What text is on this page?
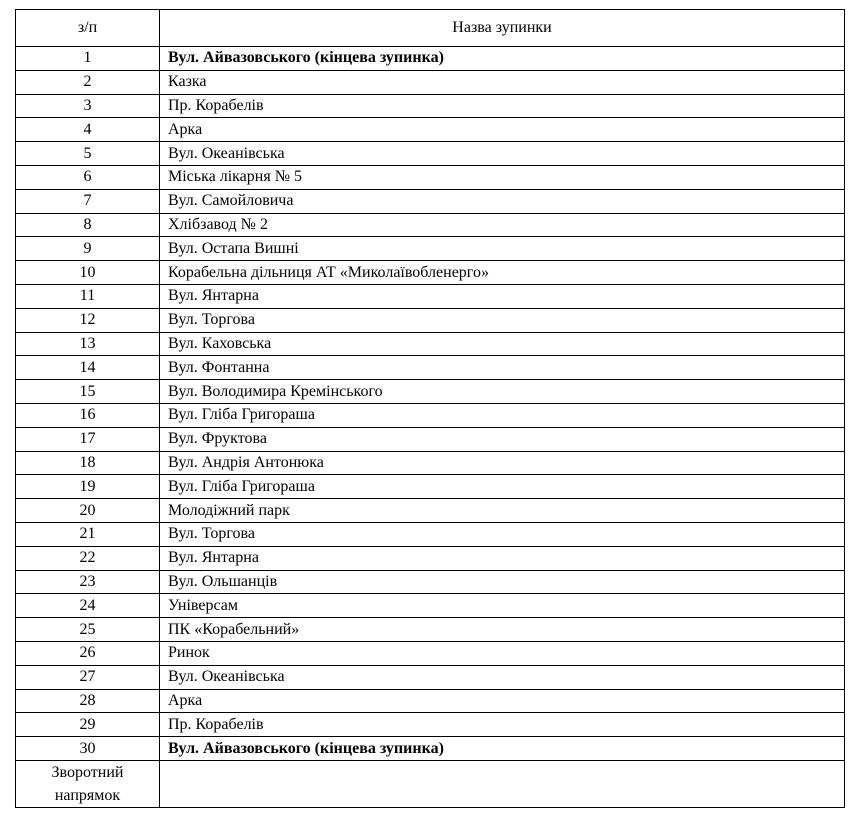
з/п	Назва зупинки
1	Вул. Айвазовського (кінцева зупинка)
2	Казка
3	Пр. Корабелів
4	Арка
5	Вул. Океанівська
6	Міська лікарня № 5
7	Вул. Самойловича
8	Хлібзавод № 2
9	Вул. Остапа Вишні
10	Корабельна дільниця АТ «Миколаївобленерго»
11	Вул. Янтарна
12	Вул. Торгова
13	Вул. Каховська
14	Вул. Фонтанна
15	Вул. Володимира Кремінського
16	Вул. Гліба Григораша
17	Вул. Фруктова
18	Вул. Андрія Антонюка
19	Вул. Гліба Григораша
20	Молодіжний парк
21	Вул. Торгова
22	Вул. Янтарна
23	Вул. Ольшанців
24	Універсам
25	ПК «Корабельний»
26	Ринок
27	Вул. Океанівська
28	Арка
29	Пр. Корабелів
30	Вул. Айвазовського (кінцева зупинка)
Зворотний
напрямок	
